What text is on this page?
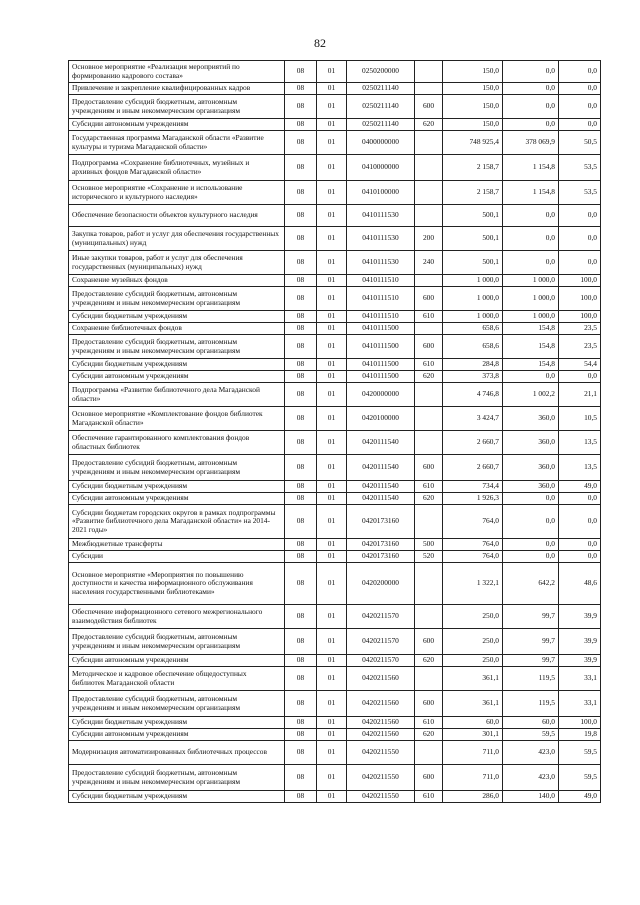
82
Основное мероприятие «Реализация мероприятий по формированию кадрового состава»	08	01	0250200000		150,0	0,0	0,0
Привлечение и закрепление квалифицированных кадров	08	01	0250211140		150,0	0,0	0,0
Предоставление субсидий бюджетным, автономным учреждениям и иным некоммерческим организациям	08	01	0250211140	600	150,0	0,0	0,0
Субсидии автономным учреждениям	08	01	0250211140	620	150,0	0,0	0,0
Государственная программа Магаданской области «Развитие культуры и туризма Магаданской области»	08	01	0400000000		748 925,4	378 069,9	50,5
Подпрограмма «Сохранение библиотечных, музейных и архивных фондов Магаданской области»	08	01	0410000000		2 158,7	1 154,8	53,5
Основное мероприятие «Сохранение и использование исторического и культурного наследия»	08	01	0410100000		2 158,7	1 154,8	53,5
Обеспечение безопасности объектов культурного наследия	08	01	0410111530		500,1	0,0	0,0
Закупка товаров, работ и услуг для обеспечения государственных (муниципальных) нужд	08	01	0410111530	200	500,1	0,0	0,0
Иные закупки товаров, работ и услуг для обеспечения государственных (муниципальных) нужд	08	01	0410111530	240	500,1	0,0	0,0
Сохранение музейных фондов	08	01	0410111510		1 000,0	1 000,0	100,0
Предоставление субсидий бюджетным, автономным учреждениям и иным некоммерческим организациям	08	01	0410111510	600	1 000,0	1 000,0	100,0
Субсидии бюджетным учреждениям	08	01	0410111510	610	1 000,0	1 000,0	100,0
Сохранение библиотечных фондов	08	01	0410111500		658,6	154,8	23,5
Предоставление субсидий бюджетным, автономным учреждениям и иным некоммерческим организациям	08	01	0410111500	600	658,6	154,8	23,5
Субсидии бюджетным учреждениям	08	01	0410111500	610	284,8	154,8	54,4
Субсидии автономным учреждениям	08	01	0410111500	620	373,8	0,0	0,0
Подпрограмма «Развитие библиотечного дела Магаданской области»	08	01	0420000000		4 746,8	1 002,2	21,1
Основное мероприятие «Комплектование фондов библиотек Магаданской области»	08	01	0420100000		3 424,7	360,0	10,5
Обеспечение гарантированного комплектования фондов областных библиотек	08	01	0420111540		2 660,7	360,0	13,5
Предоставление субсидий бюджетным, автономным учреждениям и иным некоммерческим организациям	08	01	0420111540	600	2 660,7	360,0	13,5
Субсидии бюджетным учреждениям	08	01	0420111540	610	734,4	360,0	49,0
Субсидии автономным учреждениям	08	01	0420111540	620	1 926,3	0,0	0,0
Субсидии бюджетам городских округов в рамках подпрограммы «Развитие библиотечного дела Магаданской области» на 2014-2021 годы»	08	01	0420173160		764,0	0,0	0,0
Межбюджетные трансферты	08	01	0420173160	500	764,0	0,0	0,0
Субсидии	08	01	0420173160	520	764,0	0,0	0,0
Основное мероприятие «Мероприятия по повышению доступности и качества информационного обслуживания населения государственными библиотеками»	08	01	0420200000		1 322,1	642,2	48,6
Обеспечение информационного сетевого межрегионального взаимодействия библиотек	08	01	0420211570		250,0	99,7	39,9
Предоставление субсидий бюджетным, автономным учреждениям и иным некоммерческим организациям	08	01	0420211570	600	250,0	99,7	39,9
Субсидии автономным учреждениям	08	01	0420211570	620	250,0	99,7	39,9
Методическое и кадровое обеспечение общедоступных библиотек Магаданской области	08	01	0420211560		361,1	119,5	33,1
Предоставление субсидий бюджетным, автономным учреждениям и иным некоммерческим организациям	08	01	0420211560	600	361,1	119,5	33,1
Субсидии бюджетным учреждениям	08	01	0420211560	610	60,0	60,0	100,0
Субсидии автономным учреждениям	08	01	0420211560	620	301,1	59,5	19,8
Модернизация автоматизированных библиотечных процессов	08	01	0420211550		711,0	423,0	59,5
Предоставление субсидий бюджетным, автономным учреждениям и иным некоммерческим организациям	08	01	0420211550	600	711,0	423,0	59,5
Субсидии бюджетным учреждениям	08	01	0420211550	610	286,0	140,0	49,0
